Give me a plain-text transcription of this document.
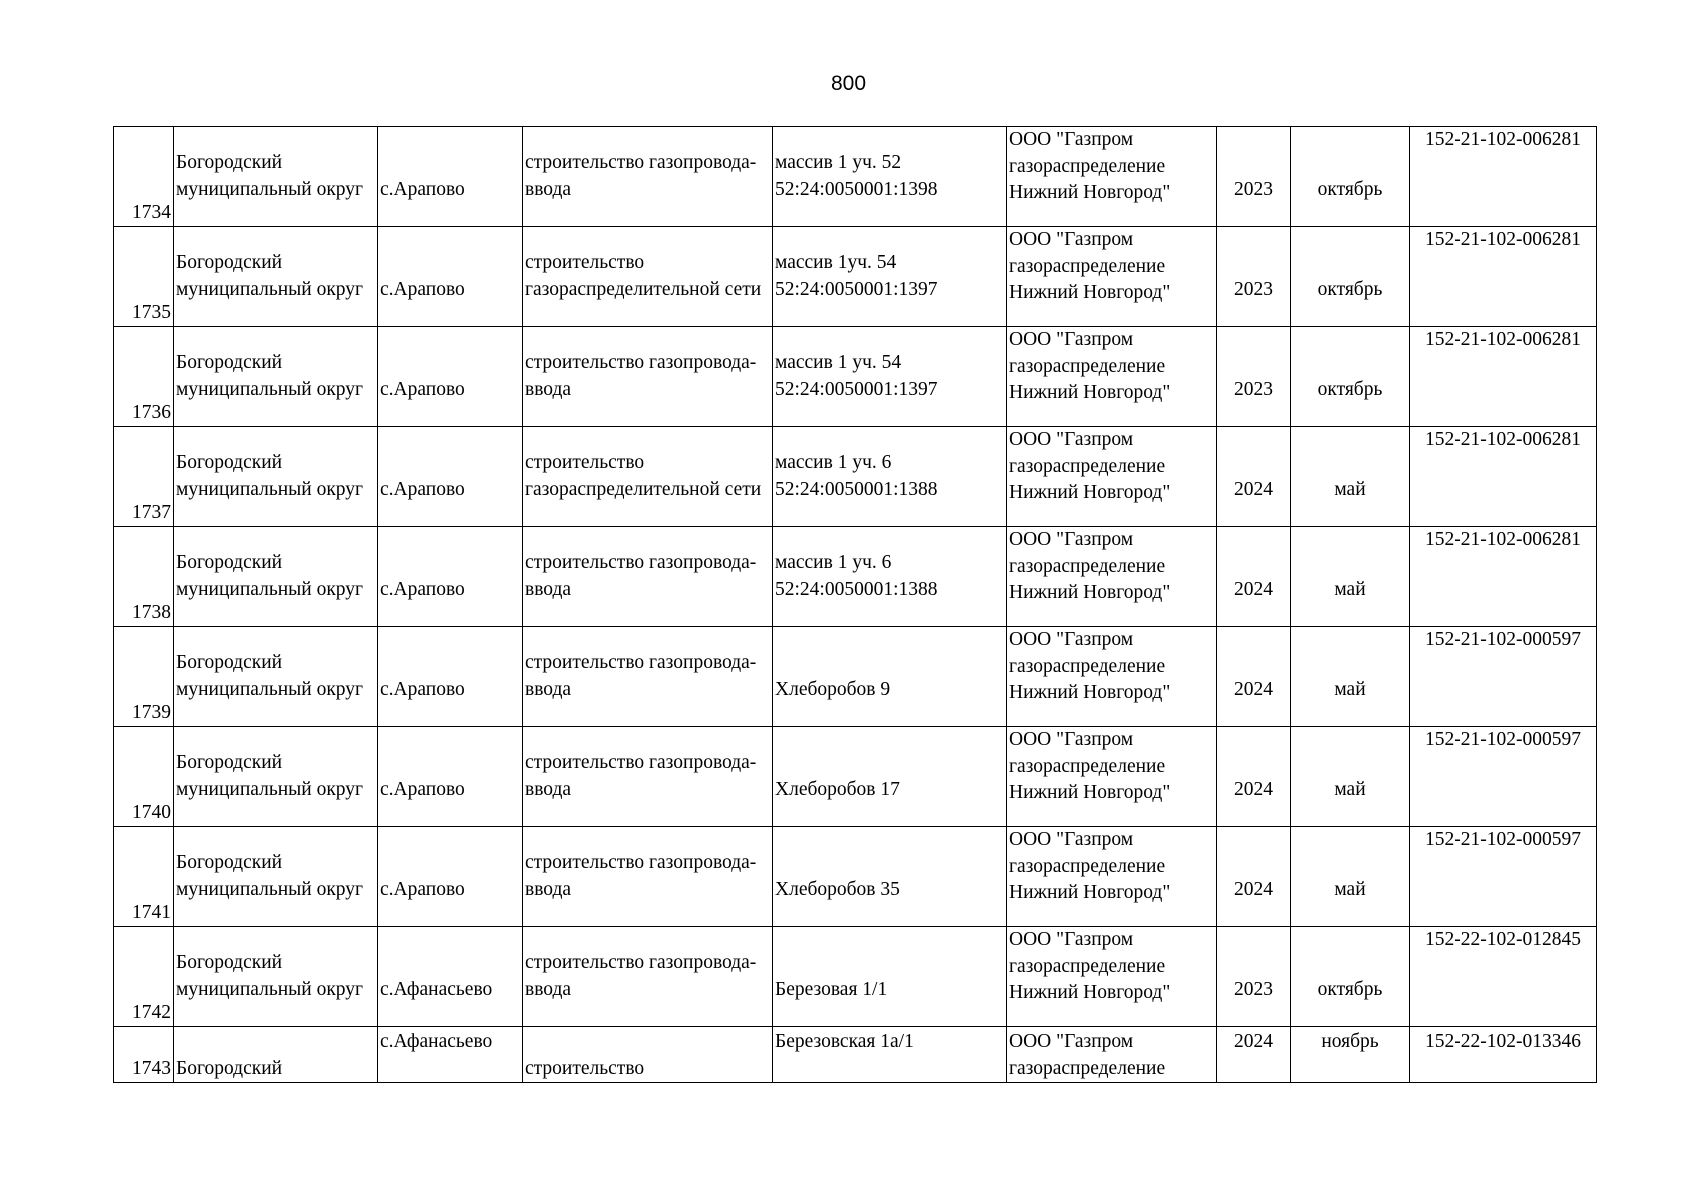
800
1734	Богородский
муниципальный округ	с.Арапово	строительство газопровода-
ввода	массив 1 уч. 52
52:24:0050001:1398	ООО "Газпром
газораспределение
Нижний Новгород"	2023	октябрь	152-21-102-006281
1735	Богородский
муниципальный округ	с.Арапово	строительство
газораспределительной сети	массив 1уч. 54
52:24:0050001:1397	ООО "Газпром
газораспределение
Нижний Новгород"	2023	октябрь	152-21-102-006281
1736	Богородский
муниципальный округ	с.Арапово	строительство газопровода-
ввода	массив 1 уч. 54
52:24:0050001:1397	ООО "Газпром
газораспределение
Нижний Новгород"	2023	октябрь	152-21-102-006281
1737	Богородский
муниципальный округ	с.Арапово	строительство
газораспределительной сети	массив 1 уч. 6
52:24:0050001:1388	ООО "Газпром
газораспределение
Нижний Новгород"	2024	май	152-21-102-006281
1738	Богородский
муниципальный округ	с.Арапово	строительство газопровода-
ввода	массив 1 уч. 6
52:24:0050001:1388	ООО "Газпром
газораспределение
Нижний Новгород"	2024	май	152-21-102-006281
1739	Богородский
муниципальный округ	с.Арапово	строительство газопровода-
ввода	Хлеборобов 9	ООО "Газпром
газораспределение
Нижний Новгород"	2024	май	152-21-102-000597
1740	Богородский
муниципальный округ	с.Арапово	строительство газопровода-
ввода	Хлеборобов 17	ООО "Газпром
газораспределение
Нижний Новгород"	2024	май	152-21-102-000597
1741	Богородский
муниципальный округ	с.Арапово	строительство газопровода-
ввода	Хлеборобов 35	ООО "Газпром
газораспределение
Нижний Новгород"	2024	май	152-21-102-000597
1742	Богородский
муниципальный округ	с.Афанасьево	строительство газопровода-
ввода	Березовая 1/1	ООО "Газпром
газораспределение
Нижний Новгород"	2023	октябрь	152-22-102-012845
1743	Богородский	с.Афанасьево	строительство	Березовская 1а/1	ООО "Газпром
газораспределение	2024	ноябрь	152-22-102-013346
